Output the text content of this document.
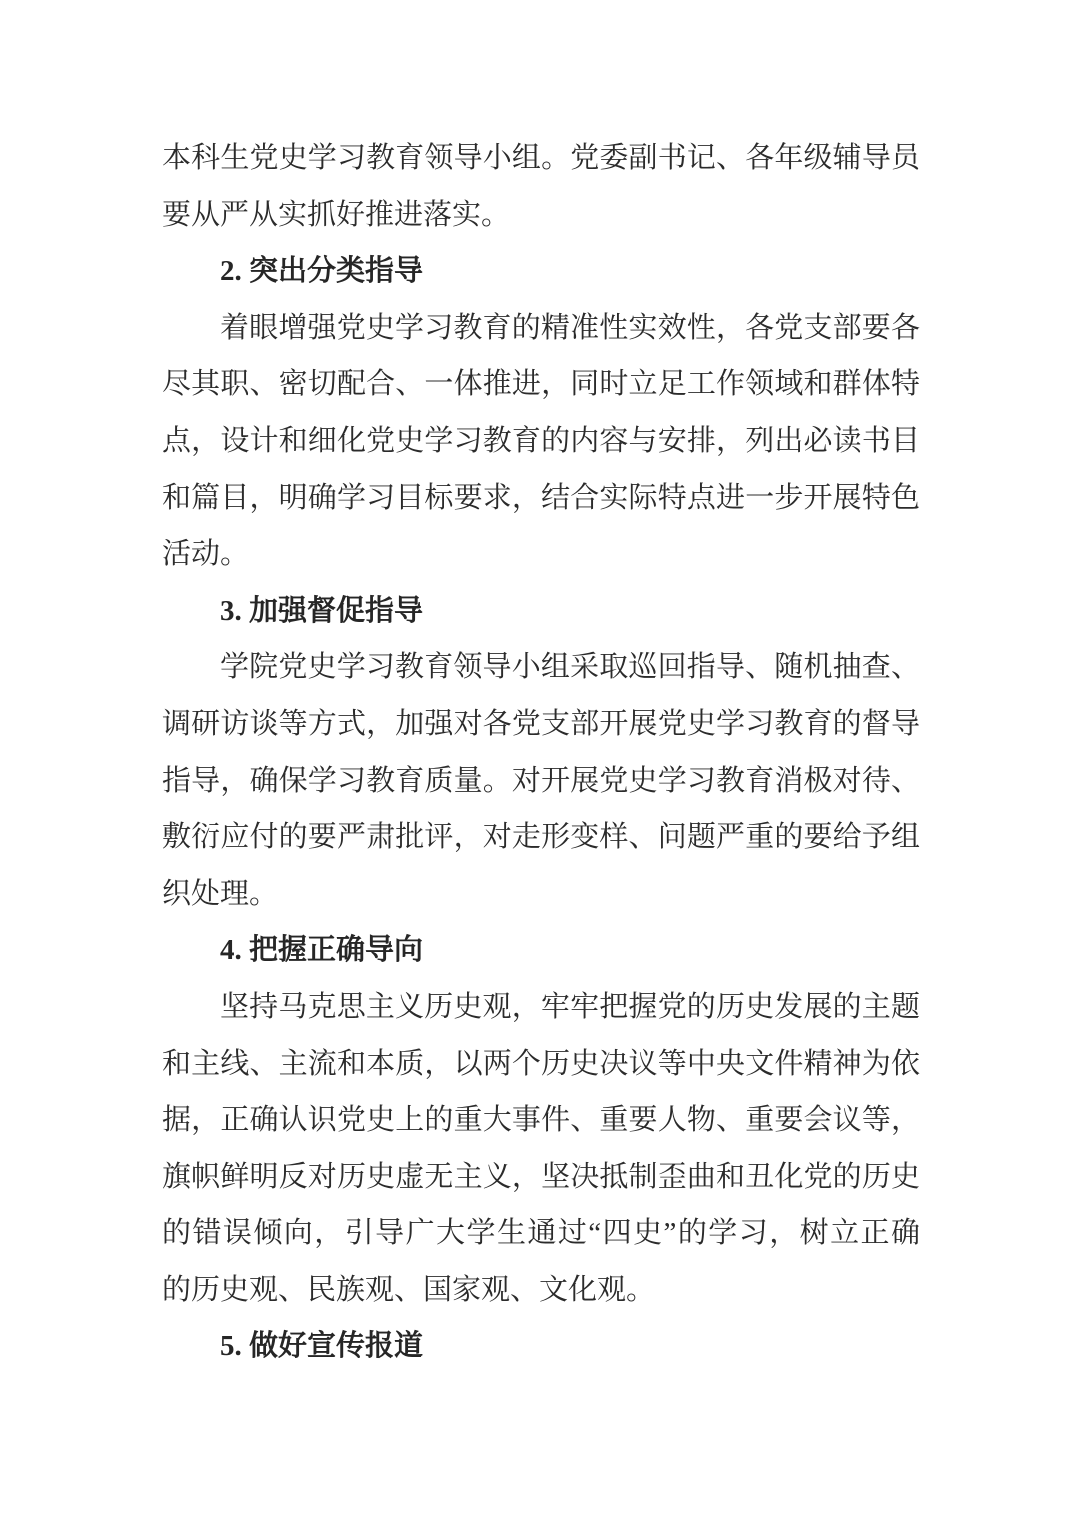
本科生党史学习教育领导小组。党委副书记、各年级辅导员
要从严从实抓好推进落实。
2. 突出分类指导
着眼增强党史学习教育的精准性实效性，各党支部要各
尽其职、密切配合、一体推进，同时立足工作领域和群体特
点，设计和细化党史学习教育的内容与安排，列出必读书目
和篇目，明确学习目标要求，结合实际特点进一步开展特色
活动。
3. 加强督促指导
学院党史学习教育领导小组采取巡回指导、随机抽查、
调研访谈等方式，加强对各党支部开展党史学习教育的督导
指导，确保学习教育质量。对开展党史学习教育消极对待、
敷衍应付的要严肃批评，对走形变样、问题严重的要给予组
织处理。
4. 把握正确导向
坚持马克思主义历史观，牢牢把握党的历史发展的主题
和主线、主流和本质，以两个历史决议等中央文件精神为依
据，正确认识党史上的重大事件、重要人物、重要会议等，
旗帜鲜明反对历史虚无主义，坚决抵制歪曲和丑化党的历史
的错误倾向，引导广大学生通过“四史”的学习，树立正确
的历史观、民族观、国家观、文化观。
5. 做好宣传报道
